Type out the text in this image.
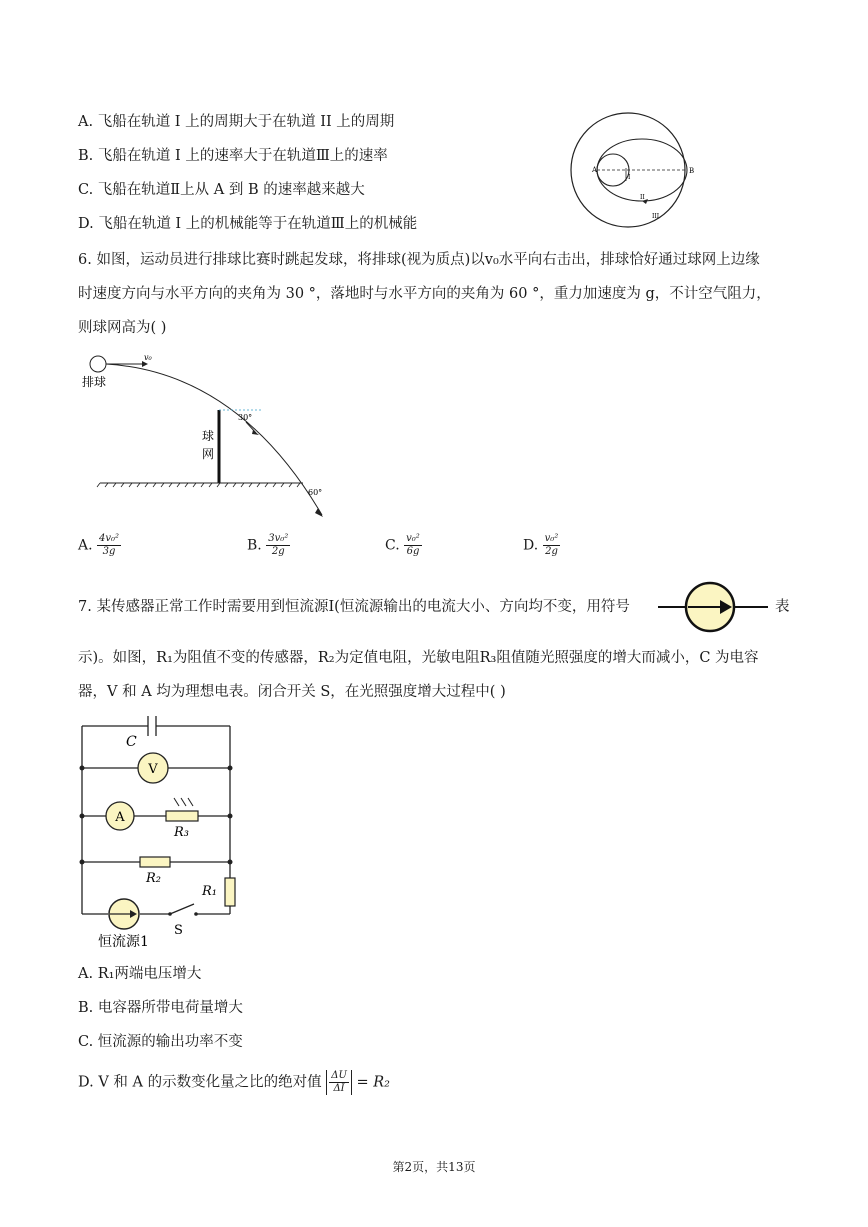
A. 飞船在轨道 I 上的周期大于在轨道 II 上的周期
B. 飞船在轨道 I 上的速率大于在轨道Ⅲ上的速率
C. 飞船在轨道Ⅱ上从 A 到 B 的速率越来越大
D. 飞船在轨道 I 上的机械能等于在轨道Ⅲ上的机械能
A	B
I
II
III
6. 如图，运动员进行排球比赛时跳起发球，将排球(视为质点)以v₀水平向右击出，排球恰好通过球网上边缘
时速度方向与水平方向的夹角为 30 °，落地时与水平方向的夹角为 60 °，重力加速度为 g，不计空气阻力，
则球网高为( )
v₀
排球
30°
球
网
60°
A. $\frac{\text{4v₀²}}{3g}$	B. $\frac{\text{3v₀²}}{2g}$	C. $\frac{\text{v₀²}}{6g}$	D. $\frac{\text{v₀²}}{2g}$
7. 某传感器正常工作时需要用到恒流源Ⅰ(恒流源输出的电流大小、方向均不变，用符号	表
示)。如图，R₁为阻值不变的传感器，R₂为定值电阻，光敏电阻R₃阻值随光照强度的增大而减小，C 为电容
器，V 和 A 均为理想电表。闭合开关 S，在光照强度增大过程中( )
V
A
R₃
R₂
R₁
C
S
恒流源1
A. R₁两端电压增大
B. 电容器所带电荷量增大
C. 恒流源的输出功率不变
D. V 和 A 的示数变化量之比的绝对值 $\frac{\Delta U}{\Delta I} = R_2$
第2页，共13页
